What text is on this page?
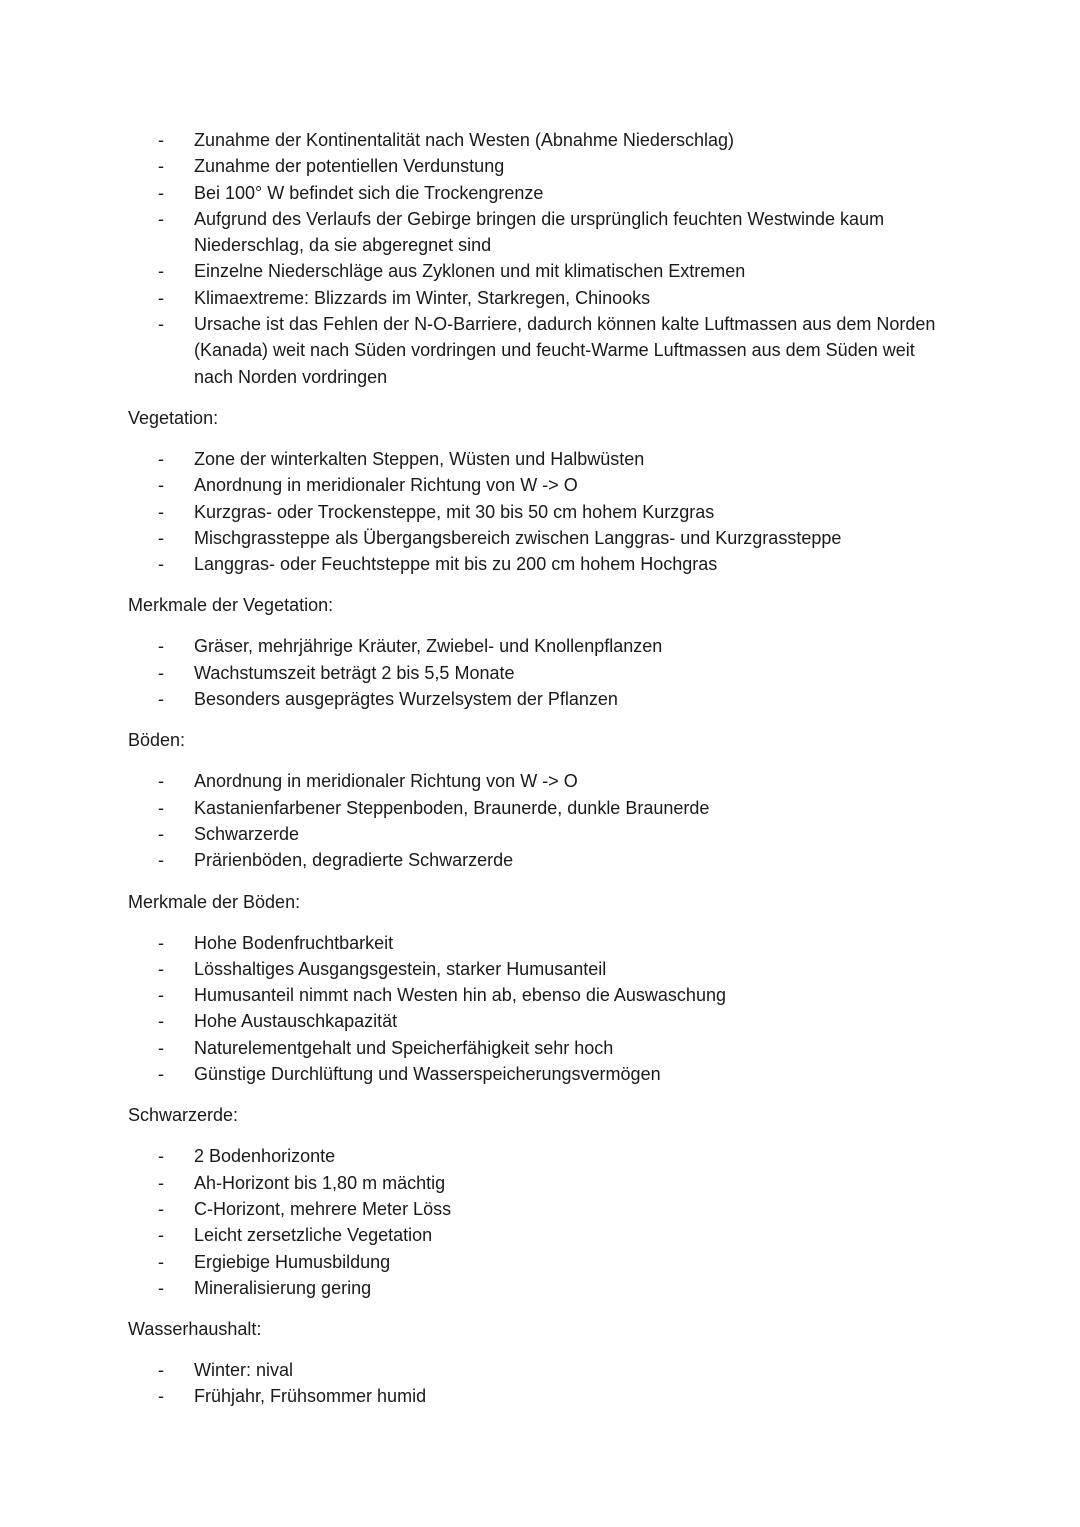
-	Zunahme der Kontinentalität nach Westen (Abnahme Niederschlag)
-	Zunahme der potentiellen Verdunstung
-	Bei 100° W befindet sich die Trockengrenze
-	Aufgrund des Verlaufs der Gebirge bringen die ursprünglich feuchten Westwinde kaum Niederschlag, da sie abgeregnet sind
-	Einzelne Niederschläge aus Zyklonen und mit klimatischen Extremen
-	Klimaextreme: Blizzards im Winter, Starkregen, Chinooks
-	Ursache ist das Fehlen der N-O-Barriere, dadurch können kalte Luftmassen aus dem Norden (Kanada) weit nach Süden vordringen und feucht-Warme Luftmassen aus dem Süden weit nach Norden vordringen
Vegetation:
-	Zone der winterkalten Steppen, Wüsten und Halbwüsten
-	Anordnung in meridionaler Richtung von W -> O
-	Kurzgras- oder Trockensteppe, mit 30 bis 50 cm hohem Kurzgras
-	Mischgrassteppe als Übergangsbereich zwischen Langgras- und Kurzgrassteppe
-	Langgras- oder Feuchtsteppe mit bis zu 200 cm hohem Hochgras
Merkmale der Vegetation:
-	Gräser, mehrjährige Kräuter, Zwiebel- und Knollenpflanzen
-	Wachstumszeit beträgt 2 bis 5,5 Monate
-	Besonders ausgeprägtes Wurzelsystem der Pflanzen
Böden:
-	Anordnung in meridionaler Richtung von W -> O
-	Kastanienfarbener Steppenboden, Braunerde, dunkle Braunerde
-	Schwarzerde
-	Prärienböden, degradierte Schwarzerde
Merkmale der Böden:
-	Hohe Bodenfruchtbarkeit
-	Lösshaltiges Ausgangsgestein, starker Humusanteil
-	Humusanteil nimmt nach Westen hin ab, ebenso die Auswaschung
-	Hohe Austauschkapazität
-	Naturelementgehalt und Speicherfähigkeit sehr hoch
-	Günstige Durchlüftung und Wasserspeicherungsvermögen
Schwarzerde:
-	2 Bodenhorizonte
-	Ah-Horizont bis 1,80 m mächtig
-	C-Horizont, mehrere Meter Löss
-	Leicht zersetzliche Vegetation
-	Ergiebige Humusbildung
-	Mineralisierung gering
Wasserhaushalt:
-	Winter: nival
-	Frühjahr, Frühsommer humid
